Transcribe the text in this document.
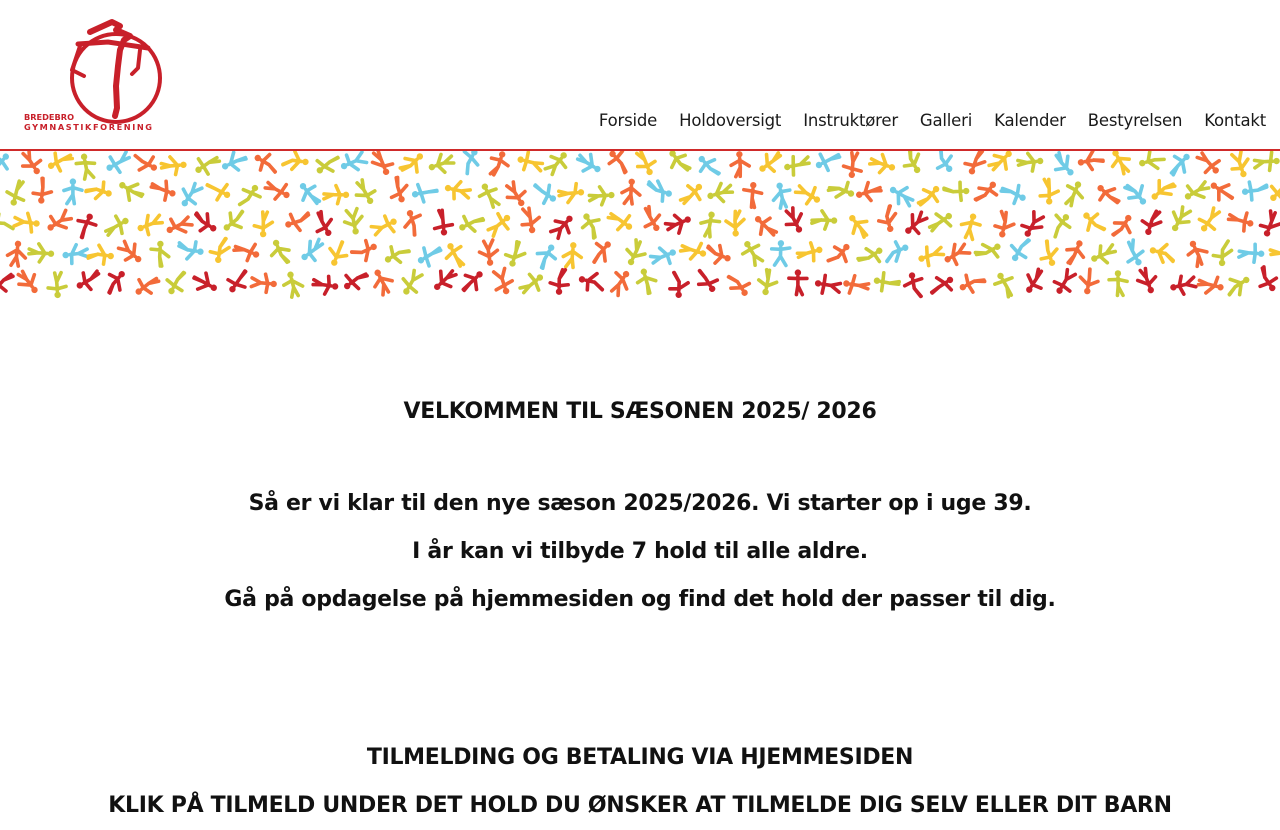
BREDEBRO
GYMNASTIKFORENING	Forside Holdoversigt Instruktører Galleri Kalender Bestyrelsen Kontakt
VELKOMMEN TIL SÆSONEN 2025/ 2026

Så er vi klar til den nye sæson 2025/2026. Vi starter op i uge 39.

I år kan vi tilbyde 7 hold til alle aldre.

Gå på opdagelse på hjemmesiden og find det hold der passer til dig.

TILMELDING OG BETALING VIA HJEMMESIDEN

KLIK PÅ TILMELD UNDER DET HOLD DU ØNSKER AT TILMELDE DIG SELV ELLER DIT BARN
